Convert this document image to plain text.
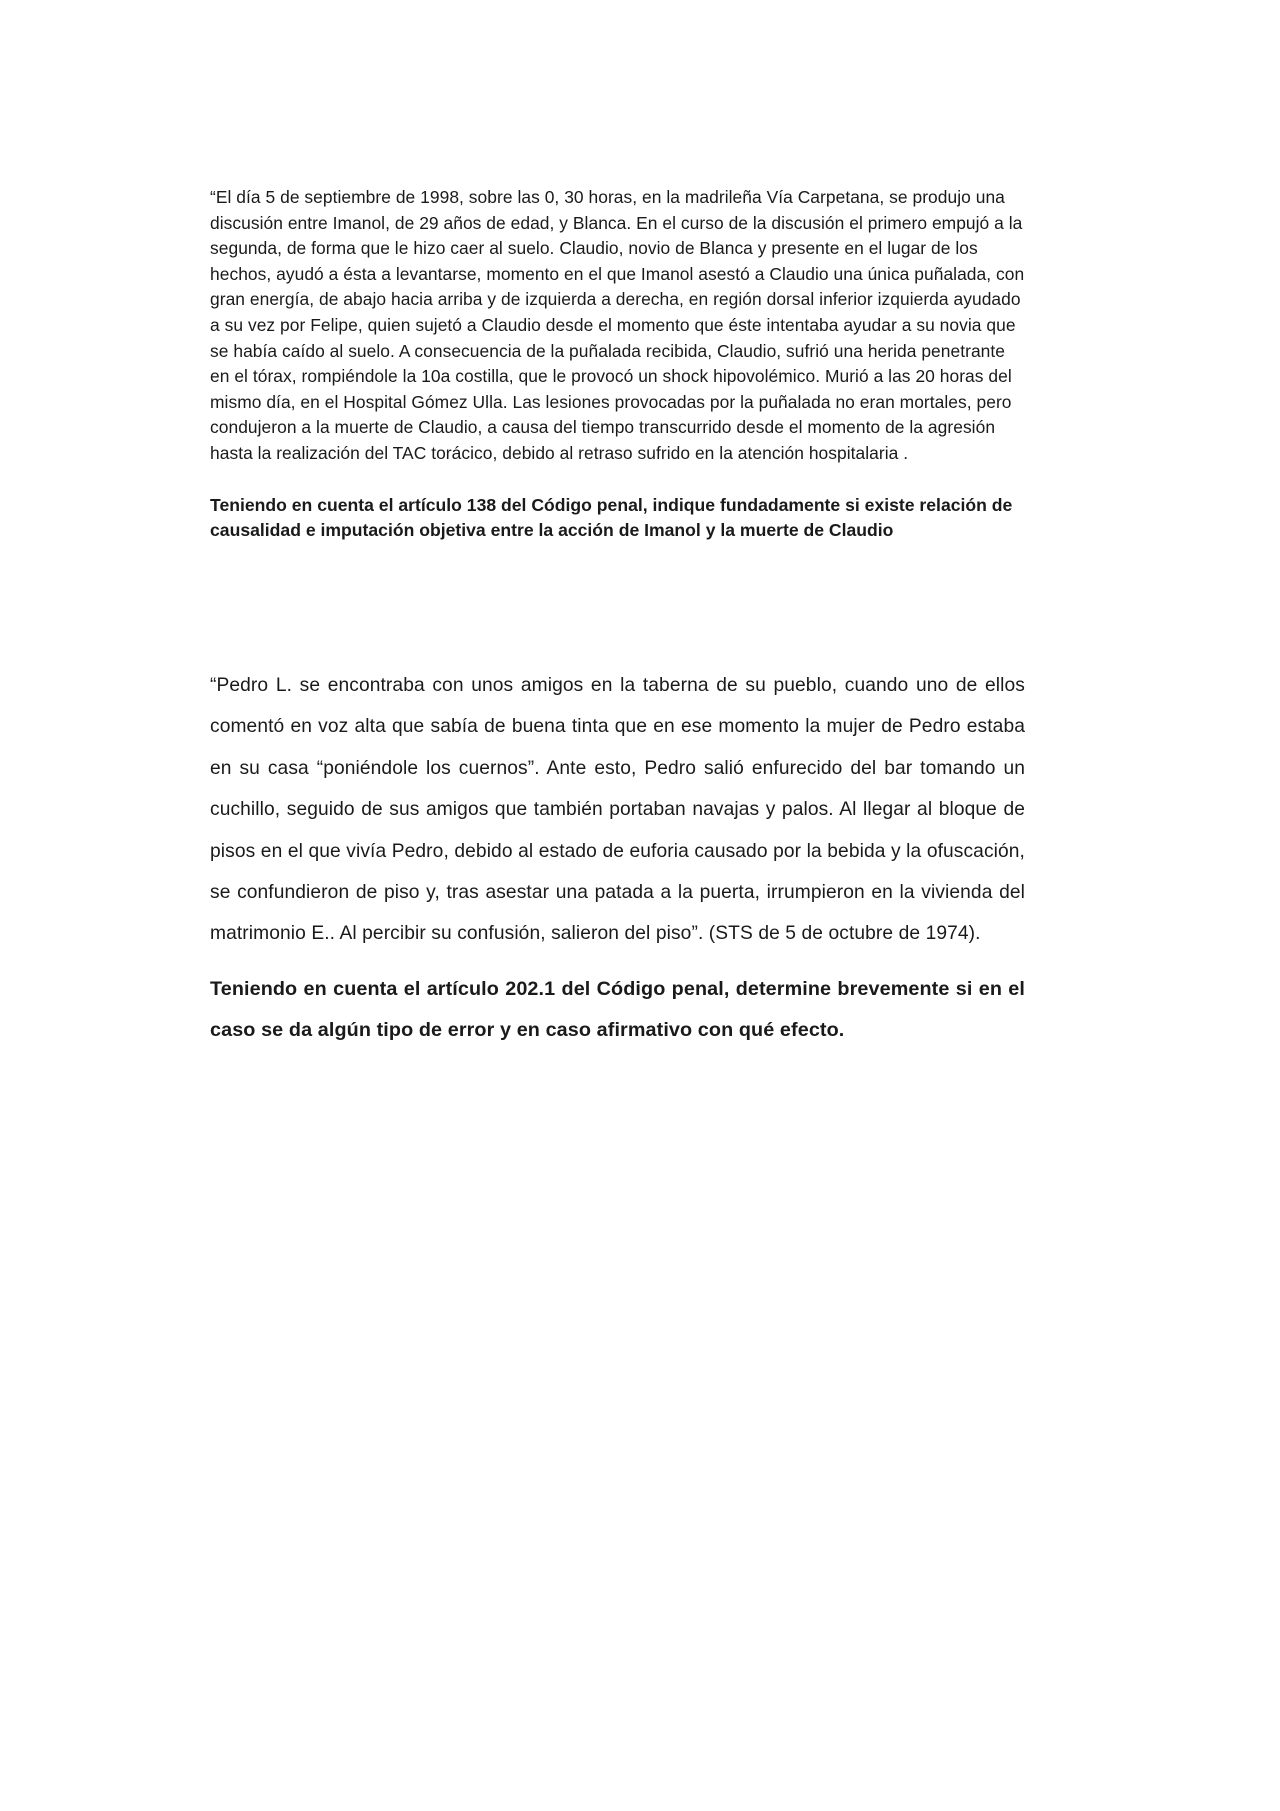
“El día 5 de septiembre de 1998, sobre las 0, 30 horas, en la madrileña Vía Carpetana, se produjo una discusión entre Imanol, de 29 años de edad, y Blanca. En el curso de la discusión el primero empujó a la segunda, de forma que le hizo caer al suelo. Claudio, novio de Blanca y presente en el lugar de los hechos, ayudó a ésta a levantarse, momento en el que Imanol asestó a Claudio una única puñalada, con gran energía, de abajo hacia arriba y de izquierda a derecha, en región dorsal inferior izquierda ayudado a su vez por Felipe, quien sujetó a Claudio desde el momento que éste intentaba ayudar a su novia que se había caído al suelo. A consecuencia de la puñalada recibida, Claudio, sufrió una herida penetrante en el tórax, rompiéndole la 10a costilla, que le provocó un shock hipovolémico. Murió a las 20 horas del mismo día, en el Hospital Gómez Ulla. Las lesiones provocadas por la puñalada no eran mortales, pero condujeron a la muerte de Claudio, a causa del tiempo transcurrido desde el momento de la agresión hasta la realización del TAC torácico, debido al retraso sufrido en la atención hospitalaria .

Teniendo en cuenta el artículo 138 del Código penal, indique fundadamente si existe relación de causalidad e imputación objetiva entre la acción de Imanol y la muerte de Claudio

“Pedro L. se encontraba con unos amigos en la taberna de su pueblo, cuando uno de ellos comentó en voz alta que sabía de buena tinta que en ese momento la mujer de Pedro estaba en su casa “poniéndole los cuernos”. Ante esto, Pedro salió enfurecido del bar tomando un cuchillo, seguido de sus amigos que también portaban navajas y palos. Al llegar al bloque de pisos en el que vivía Pedro, debido al estado de euforia causado por la bebida y la ofuscación, se confundieron de piso y, tras asestar una patada a la puerta, irrumpieron en la vivienda del matrimonio E.. Al percibir su confusión, salieron del piso”. (STS de 5 de octubre de 1974).

Teniendo en cuenta el artículo 202.1 del Código penal, determine brevemente si en el caso se da algún tipo de error y en caso afirmativo con qué efecto.
